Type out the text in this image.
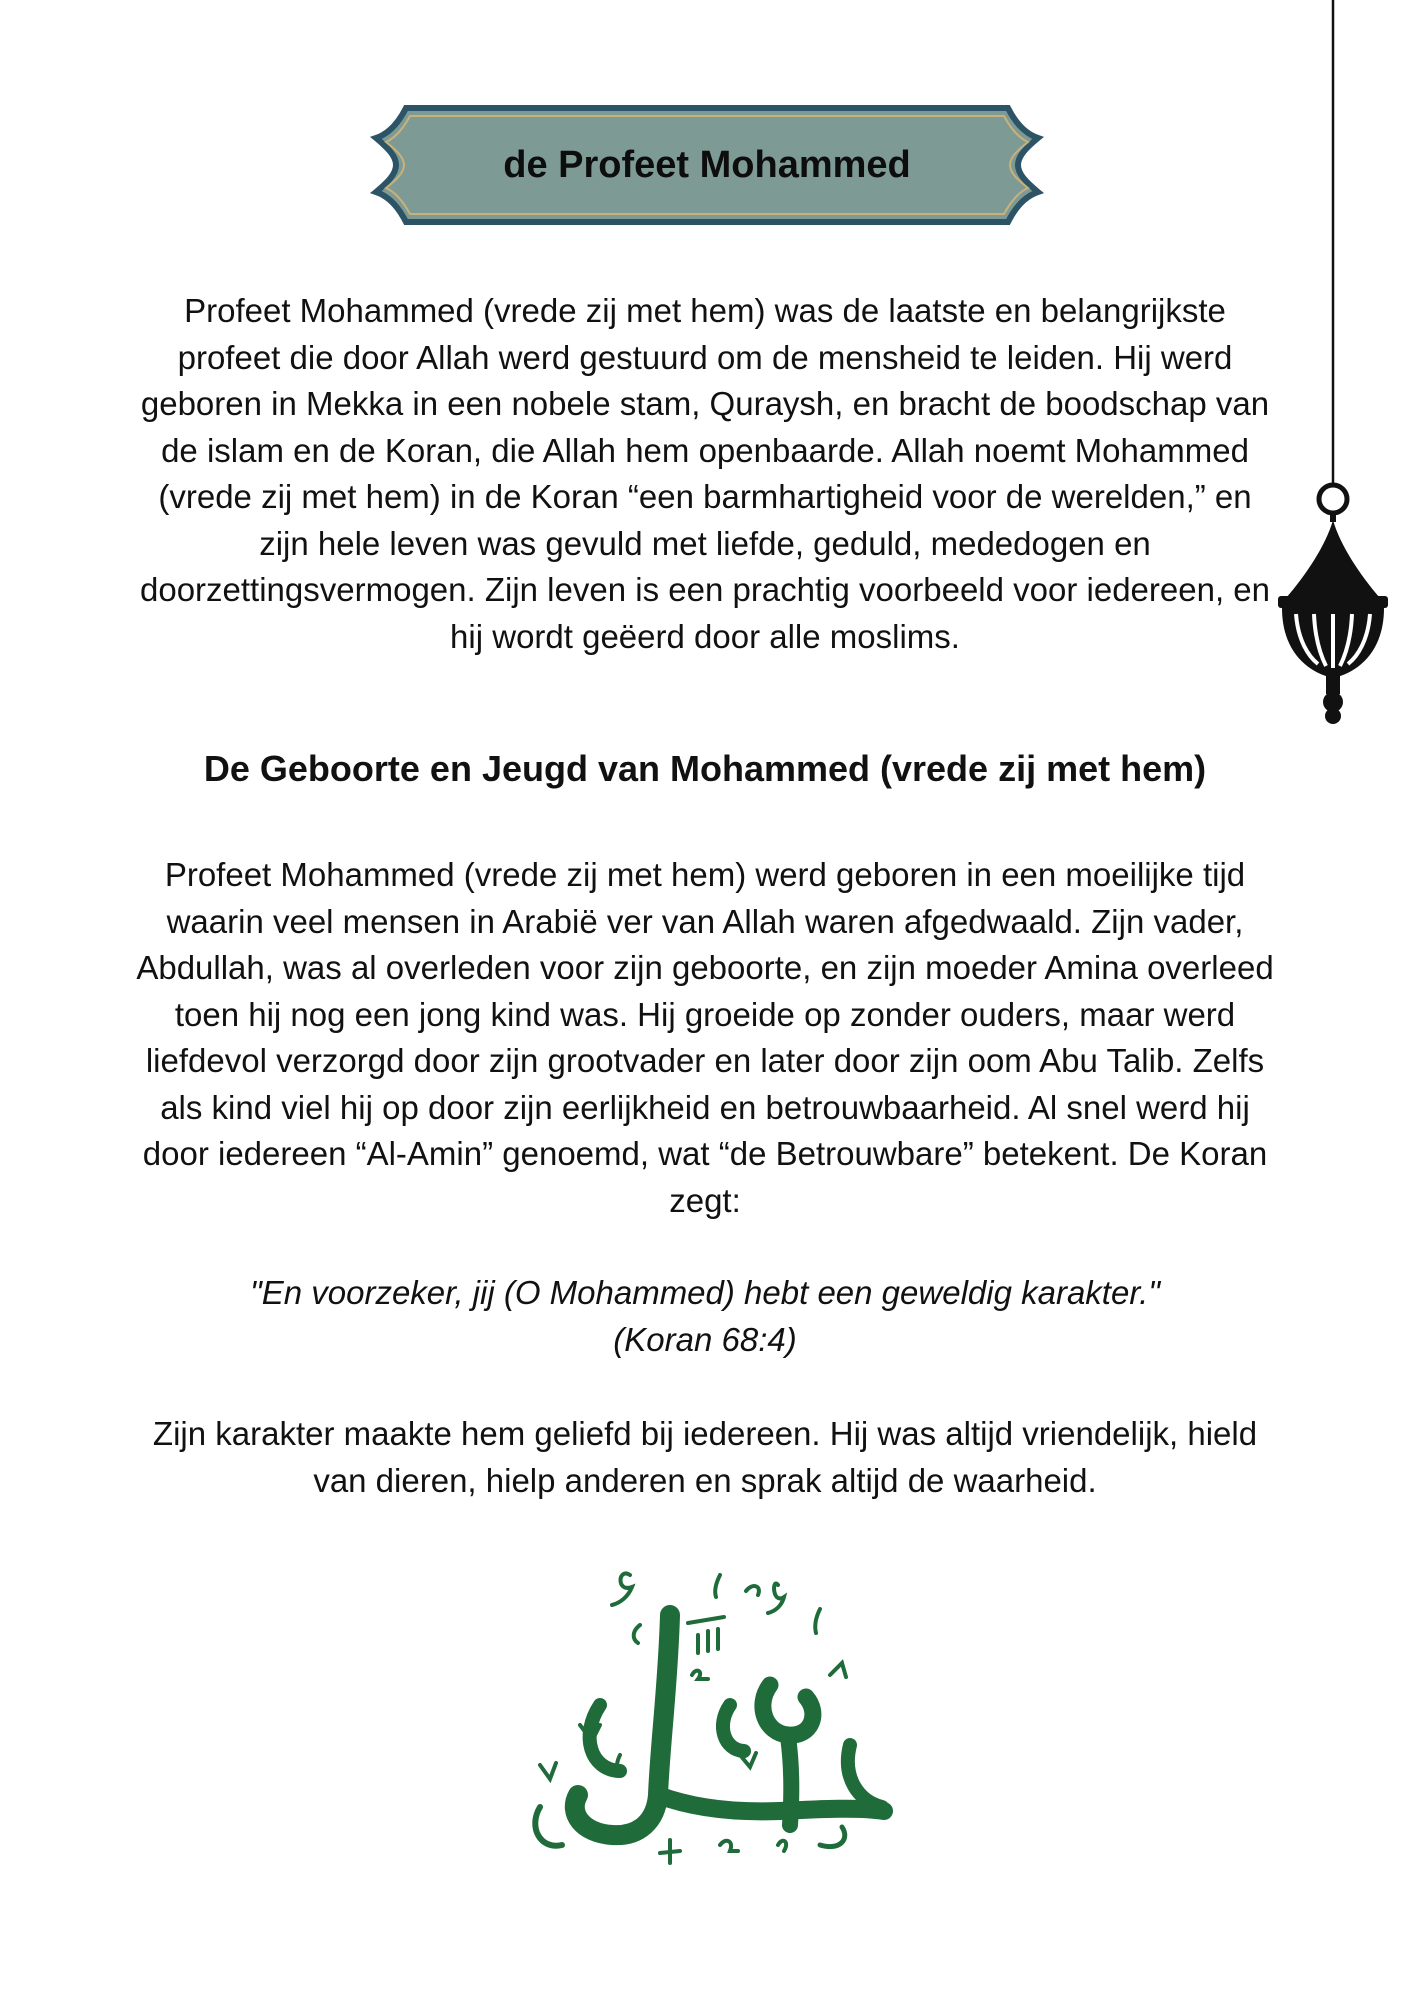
de Profeet Mohammed

Profeet Mohammed (vrede zij met hem) was de laatste en belangrijkste profeet die door Allah werd gestuurd om de mensheid te leiden. Hij werd geboren in Mekka in een nobele stam, Quraysh, en bracht de boodschap van de islam en de Koran, die Allah hem openbaarde. Allah noemt Mohammed (vrede zij met hem) in de Koran “een barmhartigheid voor de werelden,” en zijn hele leven was gevuld met liefde, geduld, mededogen en doorzettingsvermogen. Zijn leven is een prachtig voorbeeld voor iedereen, en hij wordt geëerd door alle moslims.

De Geboorte en Jeugd van Mohammed (vrede zij met hem)

Profeet Mohammed (vrede zij met hem) werd geboren in een moeilijke tijd waarin veel mensen in Arabië ver van Allah waren afgedwaald. Zijn vader, Abdullah, was al overleden voor zijn geboorte, en zijn moeder Amina overleed toen hij nog een jong kind was. Hij groeide op zonder ouders, maar werd liefdevol verzorgd door zijn grootvader en later door zijn oom Abu Talib. Zelfs als kind viel hij op door zijn eerlijkheid en betrouwbaarheid. Al snel werd hij door iedereen “Al-Amin” genoemd, wat “de Betrouwbare” betekent. De Koran zegt:

"En voorzeker, jij (O Mohammed) hebt een geweldig karakter."
(Koran 68:4)

Zijn karakter maakte hem geliefd bij iedereen. Hij was altijd vriendelijk, hield van dieren, hielp anderen en sprak altijd de waarheid.
